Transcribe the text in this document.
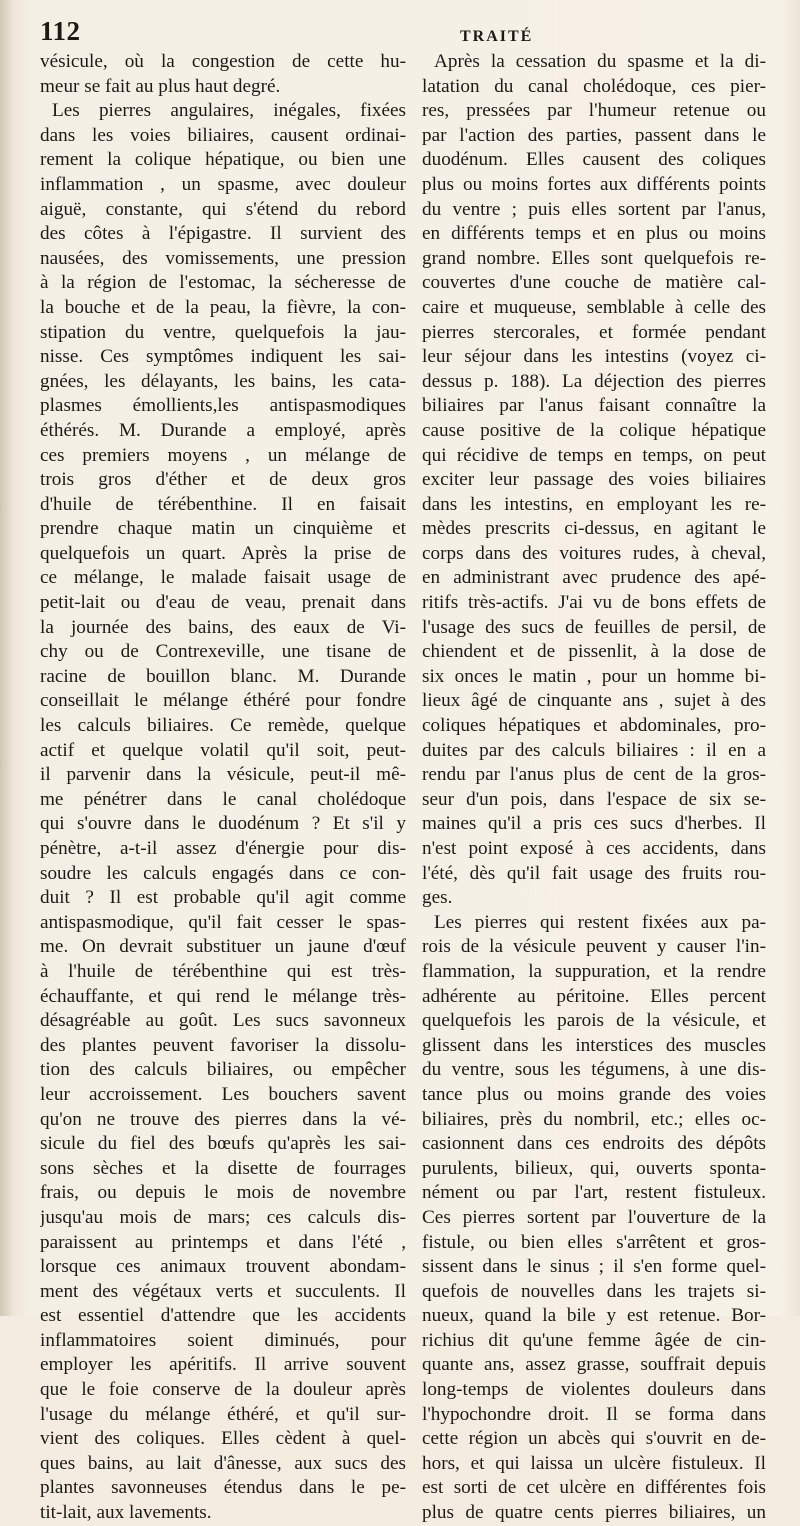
112	TRAITÉ
vésicule, où la congestion de cette hu-
meur se fait au plus haut degré.
Les pierres angulaires, inégales, fixées
dans les voies biliaires, causent ordinai-
rement la colique hépatique, ou bien une
inflammation , un spasme, avec douleur
aiguë, constante, qui s'étend du rebord
des côtes à l'épigastre. Il survient des
nausées, des vomissements, une pression
à la région de l'estomac, la sécheresse de
la bouche et de la peau, la fièvre, la con-
stipation du ventre, quelquefois la jau-
nisse. Ces symptômes indiquent les sai-
gnées, les délayants, les bains, les cata-
plasmes émollients,les antispasmodiques
éthérés. M. Durande a employé, après
ces premiers moyens , un mélange de
trois gros d'éther et de deux gros
d'huile de térébenthine. Il en faisait
prendre chaque matin un cinquième et
quelquefois un quart. Après la prise de
ce mélange, le malade faisait usage de
petit-lait ou d'eau de veau, prenait dans
la journée des bains, des eaux de Vi-
chy ou de Contrexeville, une tisane de
racine de bouillon blanc. M. Durande
conseillait le mélange éthéré pour fondre
les calculs biliaires. Ce remède, quelque
actif et quelque volatil qu'il soit, peut-
il parvenir dans la vésicule, peut-il mê-
me pénétrer dans le canal cholédoque
qui s'ouvre dans le duodénum ? Et s'il y
pénètre, a-t-il assez d'énergie pour dis-
soudre les calculs engagés dans ce con-
duit ? Il est probable qu'il agit comme
antispasmodique, qu'il fait cesser le spas-
me. On devrait substituer un jaune d'œuf
à l'huile de térébenthine qui est très-
échauffante, et qui rend le mélange très-
désagréable au goût. Les sucs savonneux
des plantes peuvent favoriser la dissolu-
tion des calculs biliaires, ou empêcher
leur accroissement. Les bouchers savent
qu'on ne trouve des pierres dans la vé-
sicule du fiel des bœufs qu'après les sai-
sons sèches et la disette de fourrages
frais, ou depuis le mois de novembre
jusqu'au mois de mars; ces calculs dis-
paraissent au printemps et dans l'été ,
lorsque ces animaux trouvent abondam-
ment des végétaux verts et succulents. Il
est essentiel d'attendre que les accidents
inflammatoires soient diminués, pour
employer les apéritifs. Il arrive souvent
que le foie conserve de la douleur après
l'usage du mélange éthéré, et qu'il sur-
vient des coliques. Elles cèdent à quel-
ques bains, au lait d'ânesse, aux sucs des
plantes savonneuses étendus dans le pe-
tit-lait, aux lavements.
Après la cessation du spasme et la di-
latation du canal cholédoque, ces pier-
res, pressées par l'humeur retenue ou
par l'action des parties, passent dans le
duodénum. Elles causent des coliques
plus ou moins fortes aux différents points
du ventre ; puis elles sortent par l'anus,
en différents temps et en plus ou moins
grand nombre. Elles sont quelquefois re-
couvertes d'une couche de matière cal-
caire et muqueuse, semblable à celle des
pierres stercorales, et formée pendant
leur séjour dans les intestins (voyez ci-
dessus p. 188). La déjection des pierres
biliaires par l'anus faisant connaître la
cause positive de la colique hépatique
qui récidive de temps en temps, on peut
exciter leur passage des voies biliaires
dans les intestins, en employant les re-
mèdes prescrits ci-dessus, en agitant le
corps dans des voitures rudes, à cheval,
en administrant avec prudence des apé-
ritifs très-actifs. J'ai vu de bons effets de
l'usage des sucs de feuilles de persil, de
chiendent et de pissenlit, à la dose de
six onces le matin , pour un homme bi-
lieux âgé de cinquante ans , sujet à des
coliques hépatiques et abdominales, pro-
duites par des calculs biliaires : il en a
rendu par l'anus plus de cent de la gros-
seur d'un pois, dans l'espace de six se-
maines qu'il a pris ces sucs d'herbes. Il
n'est point exposé à ces accidents, dans
l'été, dès qu'il fait usage des fruits rou-
ges.
Les pierres qui restent fixées aux pa-
rois de la vésicule peuvent y causer l'in-
flammation, la suppuration, et la rendre
adhérente au péritoine. Elles percent
quelquefois les parois de la vésicule, et
glissent dans les interstices des muscles
du ventre, sous les tégumens, à une dis-
tance plus ou moins grande des voies
biliaires, près du nombril, etc.; elles oc-
casionnent dans ces endroits des dépôts
purulents, bilieux, qui, ouverts sponta-
nément ou par l'art, restent fistuleux.
Ces pierres sortent par l'ouverture de la
fistule, ou bien elles s'arrêtent et gros-
sissent dans le sinus ; il s'en forme quel-
quefois de nouvelles dans les trajets si-
nueux, quand la bile y est retenue. Bor-
richius dit qu'une femme âgée de cin-
quante ans, assez grasse, souffrait depuis
long-temps de violentes douleurs dans
l'hypochondre droit. Il se forma dans
cette région un abcès qui s'ouvrit en de-
hors, et qui laissa un ulcère fistuleux. Il
est sorti de cet ulcère en différentes fois
plus de quatre cents pierres biliaires, un
